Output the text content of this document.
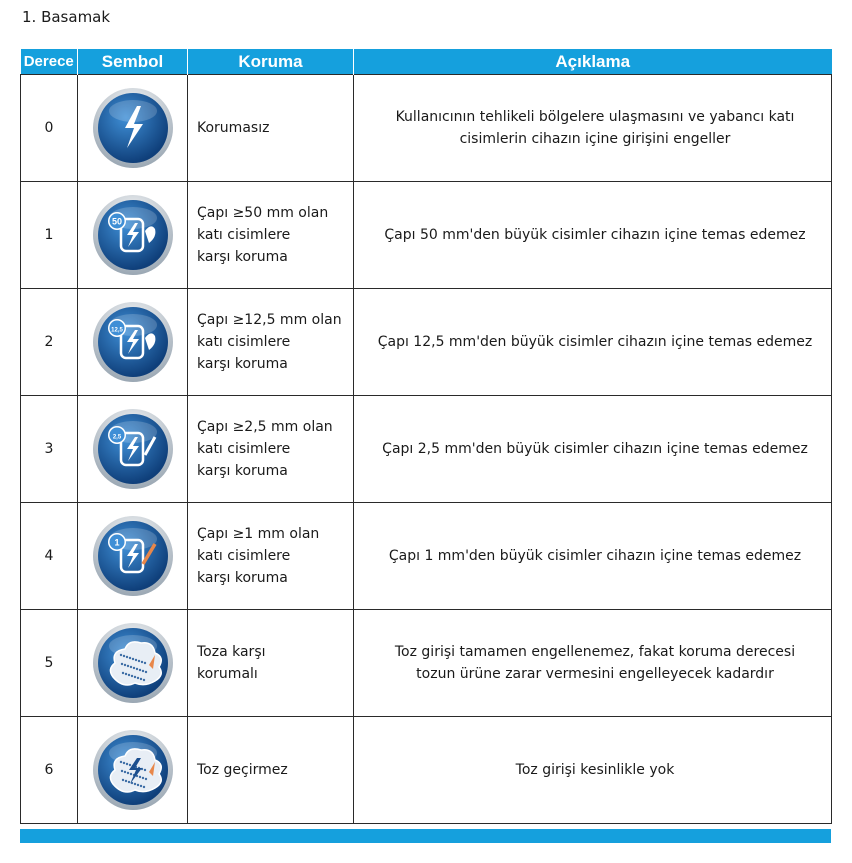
1. Basamak
Derece	Sembol	Koruma	Açıklama
0		Korumasız	Kullanıcının tehlikeli bölgelere ulaşmasını ve yabancı katı
cisimlerin cihazın içine girişini engeller
1	50	Çapı ≥50 mm olan
katı cisimlere
karşı koruma	Çapı 50 mm'den büyük cisimler cihazın içine temas edemez
2	12,5	Çapı ≥12,5 mm olan
katı cisimlere
karşı koruma	Çapı 12,5 mm'den büyük cisimler cihazın içine temas edemez
3	2,5	Çapı ≥2,5 mm olan
katı cisimlere
karşı koruma	Çapı 2,5 mm'den büyük cisimler cihazın içine temas edemez
4	1	Çapı ≥1 mm olan
katı cisimlere
karşı koruma	Çapı 1 mm'den büyük cisimler cihazın içine temas edemez
5		Toza karşı
korumalı	Toz girişi tamamen engellenemez, fakat koruma derecesi
tozun ürüne zarar vermesini engelleyecek kadardır
6		Toz geçirmez	Toz girişi kesinlikle yok
